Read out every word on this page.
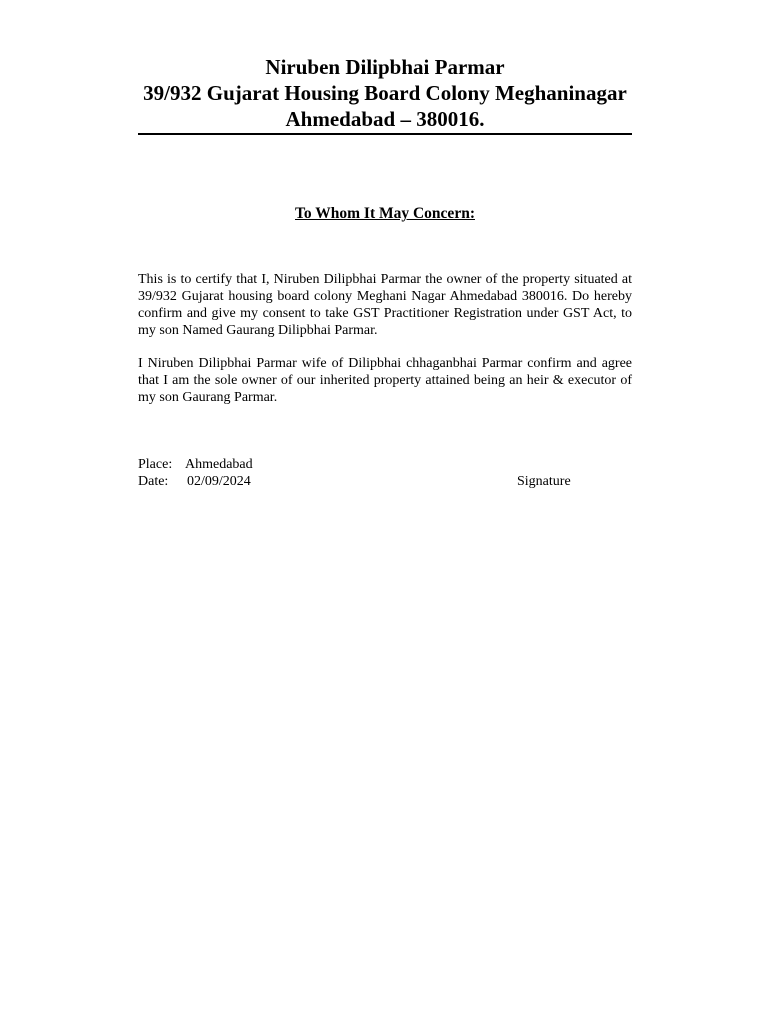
Niruben Dilipbhai Parmar
39/932 Gujarat Housing Board Colony Meghaninagar
Ahmedabad – 380016.
To Whom It May Concern:
This is to certify that I, Niruben Dilipbhai Parmar the owner of the property situated at
39/932 Gujarat housing board colony Meghani Nagar Ahmedabad 380016. Do hereby
confirm and give my consent to take GST Practitioner Registration under GST Act, to
my son Named Gaurang Dilipbhai Parmar.
I Niruben Dilipbhai Parmar wife of Dilipbhai chhaganbhai Parmar confirm and agree
that I am the sole owner of our inherited property attained being an heir & executor of
my son Gaurang Parmar.
Place: Ahmedabad
Date: 02/09/2024	Signature
